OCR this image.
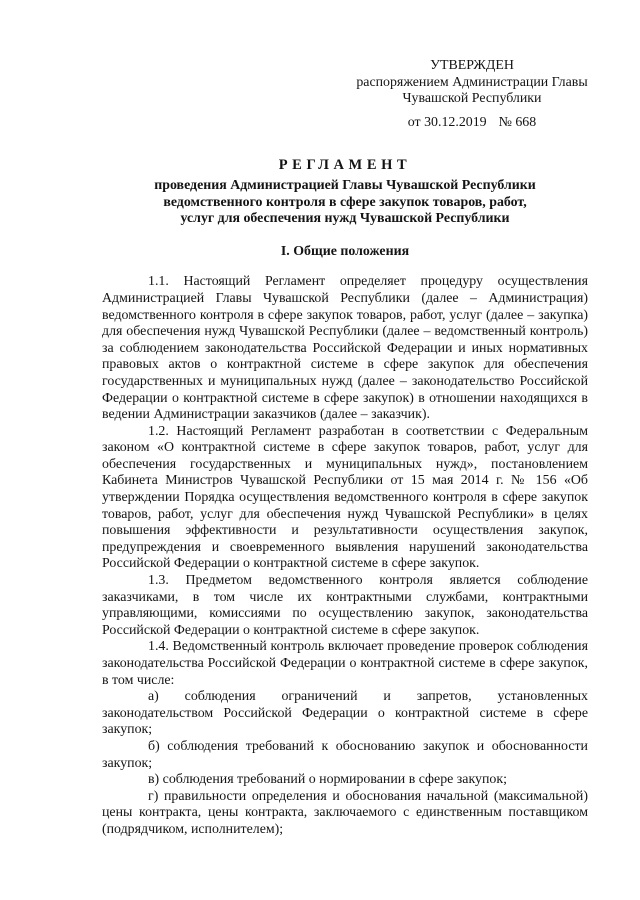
УТВЕРЖДЕН
распоряжением Администрации Главы
Чувашской Республики
от 30.12.2019 № 668
РЕГЛАМЕНТ
проведения Администрацией Главы Чувашской Республики
ведомственного контроля в сфере закупок товаров, работ,
услуг для обеспечения нужд Чувашской Республики
I. Общие положения

1.1. Настоящий Регламент определяет процедуру осуществления Администрацией Главы Чувашской Республики (далее – Администрация) ведомственного контроля в сфере закупок товаров, работ, услуг (далее – закупка) для обеспечения нужд Чувашской Республики (далее – ведомственный контроль) за соблюдением законодательства Российской Федерации и иных нормативных правовых актов о контрактной системе в сфере закупок для обеспечения государственных и муниципальных нужд (далее – законодательство Российской Федерации о контрактной системе в сфере закупок) в отношении находящихся в ведении Администрации заказчиков (далее – заказчик).

1.2. Настоящий Регламент разработан в соответствии с Федеральным законом «О контрактной системе в сфере закупок товаров, работ, услуг для обеспечения государственных и муниципальных нужд», постановлением Кабинета Министров Чувашской Республики от 15 мая 2014 г. № 156 «Об утверждении Порядка осуществления ведомственного контроля в сфере закупок товаров, работ, услуг для обеспечения нужд Чувашской Республики» в целях повышения эффективности и результативности осуществления закупок, предупреждения и своевременного выявления нарушений законодательства Российской Федерации о контрактной системе в сфере закупок.

1.3. Предметом ведомственного контроля является соблюдение заказчиками, в том числе их контрактными службами, контрактными управляющими, комиссиями по осуществлению закупок, законодательства Российской Федерации о контрактной системе в сфере закупок.

1.4. Ведомственный контроль включает проведение проверок соблюдения законодательства Российской Федерации о контрактной системе в сфере закупок, в том числе:

а) соблюдения ограничений и запретов, установленных законодательством Российской Федерации о контрактной системе в сфере закупок;

б) соблюдения требований к обоснованию закупок и обоснованности закупок;

в) соблюдения требований о нормировании в сфере закупок;

г) правильности определения и обоснования начальной (максимальной) цены контракта, цены контракта, заключаемого с единственным поставщиком (подрядчиком, исполнителем);
